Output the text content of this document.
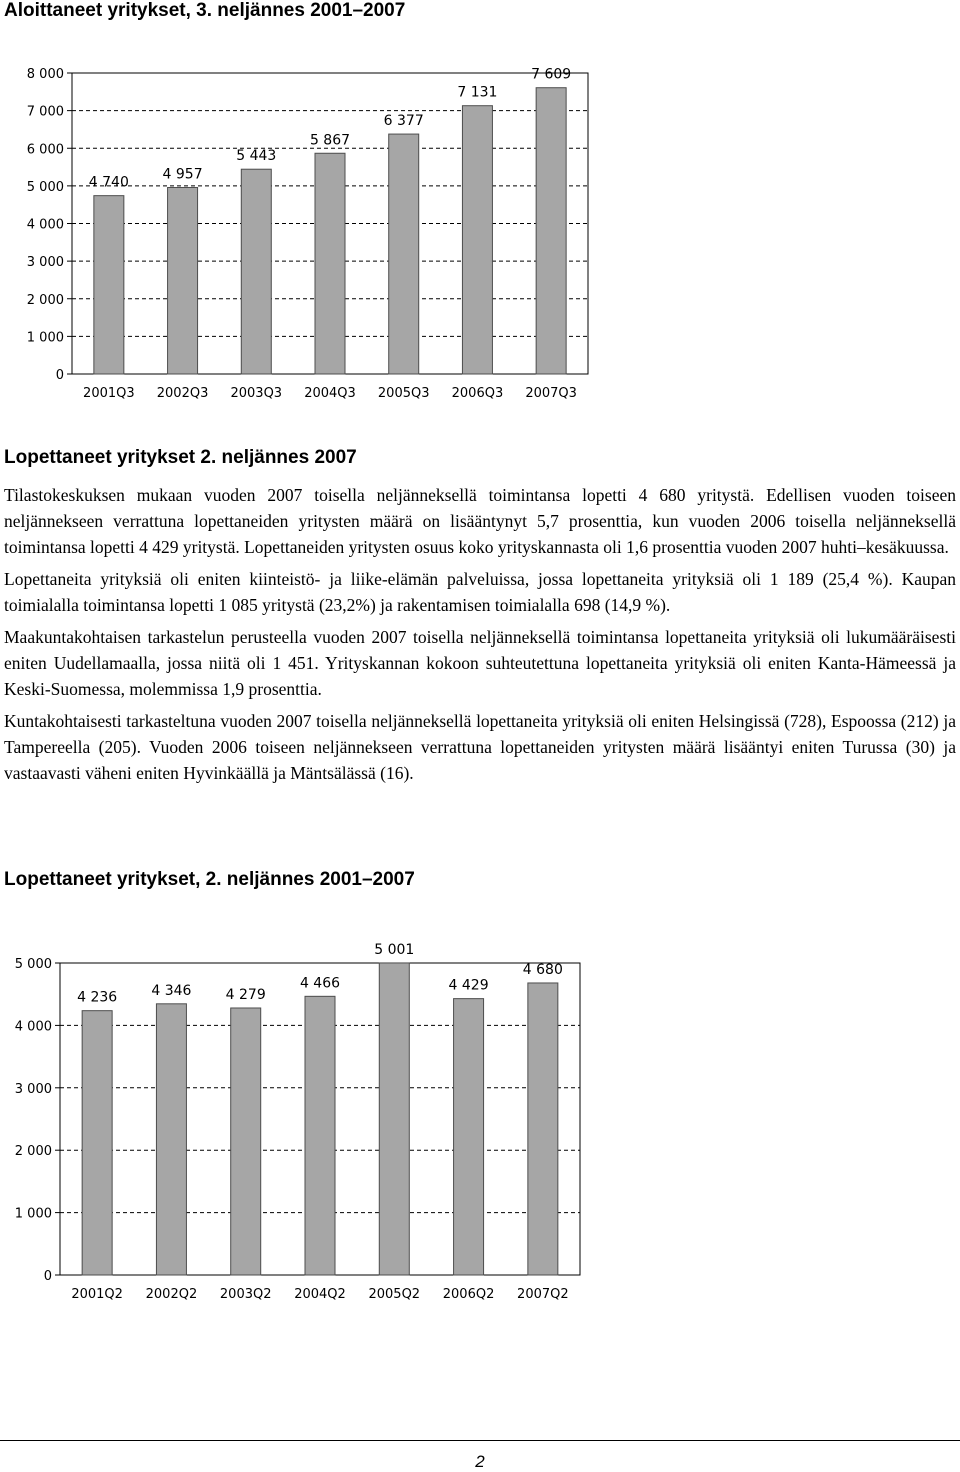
Aloittaneet yritykset, 3. neljännes 2001–2007
0
1 000
2 000
3 000
4 000
5 000
6 000
7 000
8 000
4 740
2001Q3
4 957
2002Q3
5 443
2003Q3
5 867
2004Q3
6 377
2005Q3
7 131
2006Q3
7 609
2007Q3
Lopettaneet yritykset 2. neljännes 2007

Tilastokeskuksen mukaan vuoden 2007 toisella neljänneksellä toimintansa lopetti 4 680 yritystä. Edellisen vuoden toiseen neljännekseen verrattuna lopettaneiden yritysten määrä on lisääntynyt 5,7 prosenttia, kun vuoden 2006 toisella neljänneksellä toimintansa lopetti 4 429 yritystä. Lopettaneiden yritysten osuus koko yrityskannasta oli 1,6 prosenttia vuoden 2007 huhti–kesäkuussa.

Lopettaneita yrityksiä oli eniten kiinteistö- ja liike-elämän palveluissa, jossa lopettaneita yrityksiä oli 1 189 (25,4 %). Kaupan toimialalla toimintansa lopetti 1 085 yritystä (23,2%) ja rakentamisen toimialalla 698 (14,9 %).

Maakuntakohtaisen tarkastelun perusteella vuoden 2007 toisella neljänneksellä toimintansa lopettaneita yrityksiä oli lukumääräisesti eniten Uudellamaalla, jossa niitä oli 1 451. Yrityskannan kokoon suhteutettuna lopettaneita yrityksiä oli eniten Kanta-Hämeessä ja Keski-Suomessa, molemmissa 1,9 prosenttia.

Kuntakohtaisesti tarkasteltuna vuoden 2007 toisella neljänneksellä lopettaneita yrityksiä oli eniten Helsingissä (728), Espoossa (212) ja Tampereella (205). Vuoden 2006 toiseen neljännekseen verrattuna lopettaneiden yritysten määrä lisääntyi eniten Turussa (30) ja vastaavasti väheni eniten Hyvinkäällä ja Mäntsälässä (16).

Lopettaneet yritykset, 2. neljännes 2001–2007
0
1 000
2 000
3 000
4 000
5 000
4 236
2001Q2
4 346
2002Q2
4 279
2003Q2
4 466
2004Q2
5 001
2005Q2
4 429
2006Q2
4 680
2007Q2
2
